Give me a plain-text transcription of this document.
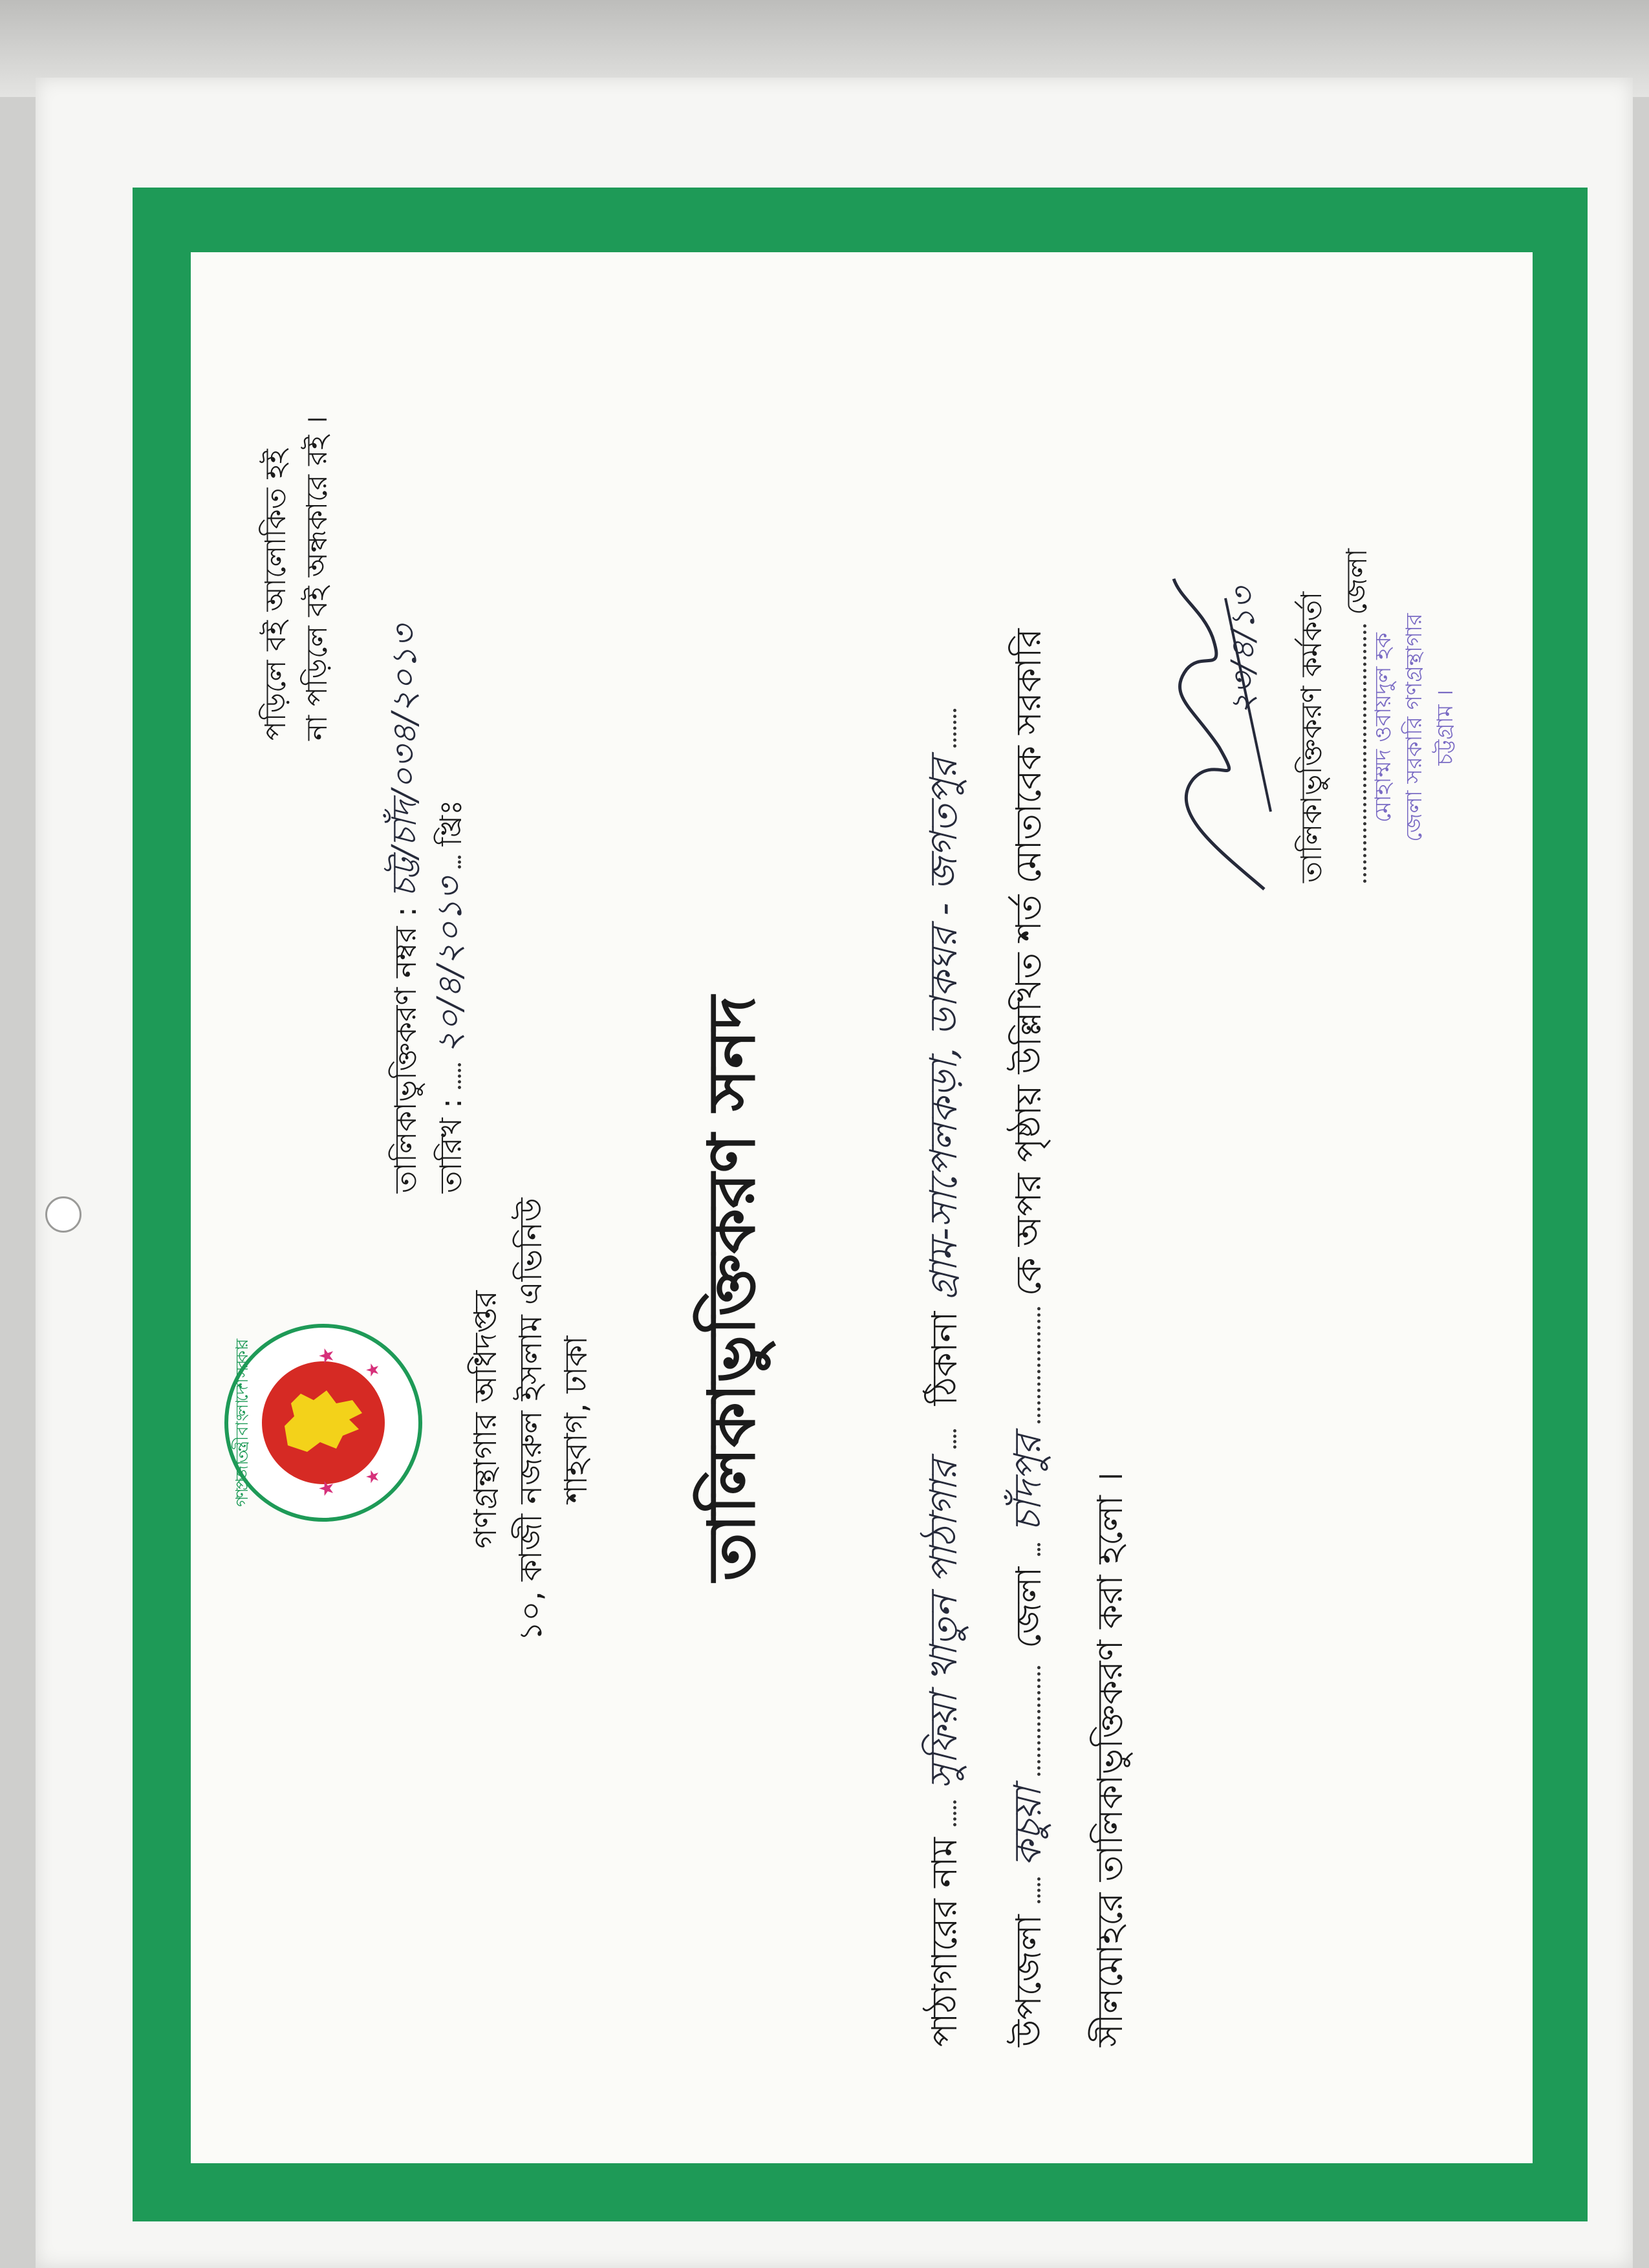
পড়িলে বই আলোকিত হই না পড়িলে বই অন্ধকারে রই ।
গণপ্রজাতন্ত্রী বাংলাদেশ সরকার
★
★
★
★	গণগ্রন্থাগার অধিদপ্তর ১০, কাজী নজরুল ইসলাম এভিনিউ শাহবাগ, ঢাকা
তালিকাভুক্তিকরণ নম্বর : চট্ট/চাঁদ/০৩৪/২০১৩
তারিখ :  ২০/৪/২০১৩  খ্রিঃ
তালিকাভুক্তিকরণ সনদ
পাঠাগারের নাম  সুফিয়া খাতুন পাঠাগার  ঠিকানা গ্রাম-সাপেলকড়া, ডাকঘর - জগতপুর
উপজেলা  কচুয়া  জেলা  চাঁদপুর  কে অপর পৃষ্ঠায় উল্লিখিত শর্ত মোতাবেক সরকারি
সীলমোহরে তালিকাভুক্তিকরণ করা হলো ।
২৩/৪/১৩	তালিকাভুক্তিকরণ কর্মকর্তা
জেলা
মোহাম্মদ ওবায়দুল হক জেলা সরকারি গণগ্রন্থাগার চট্টগ্রাম ।
